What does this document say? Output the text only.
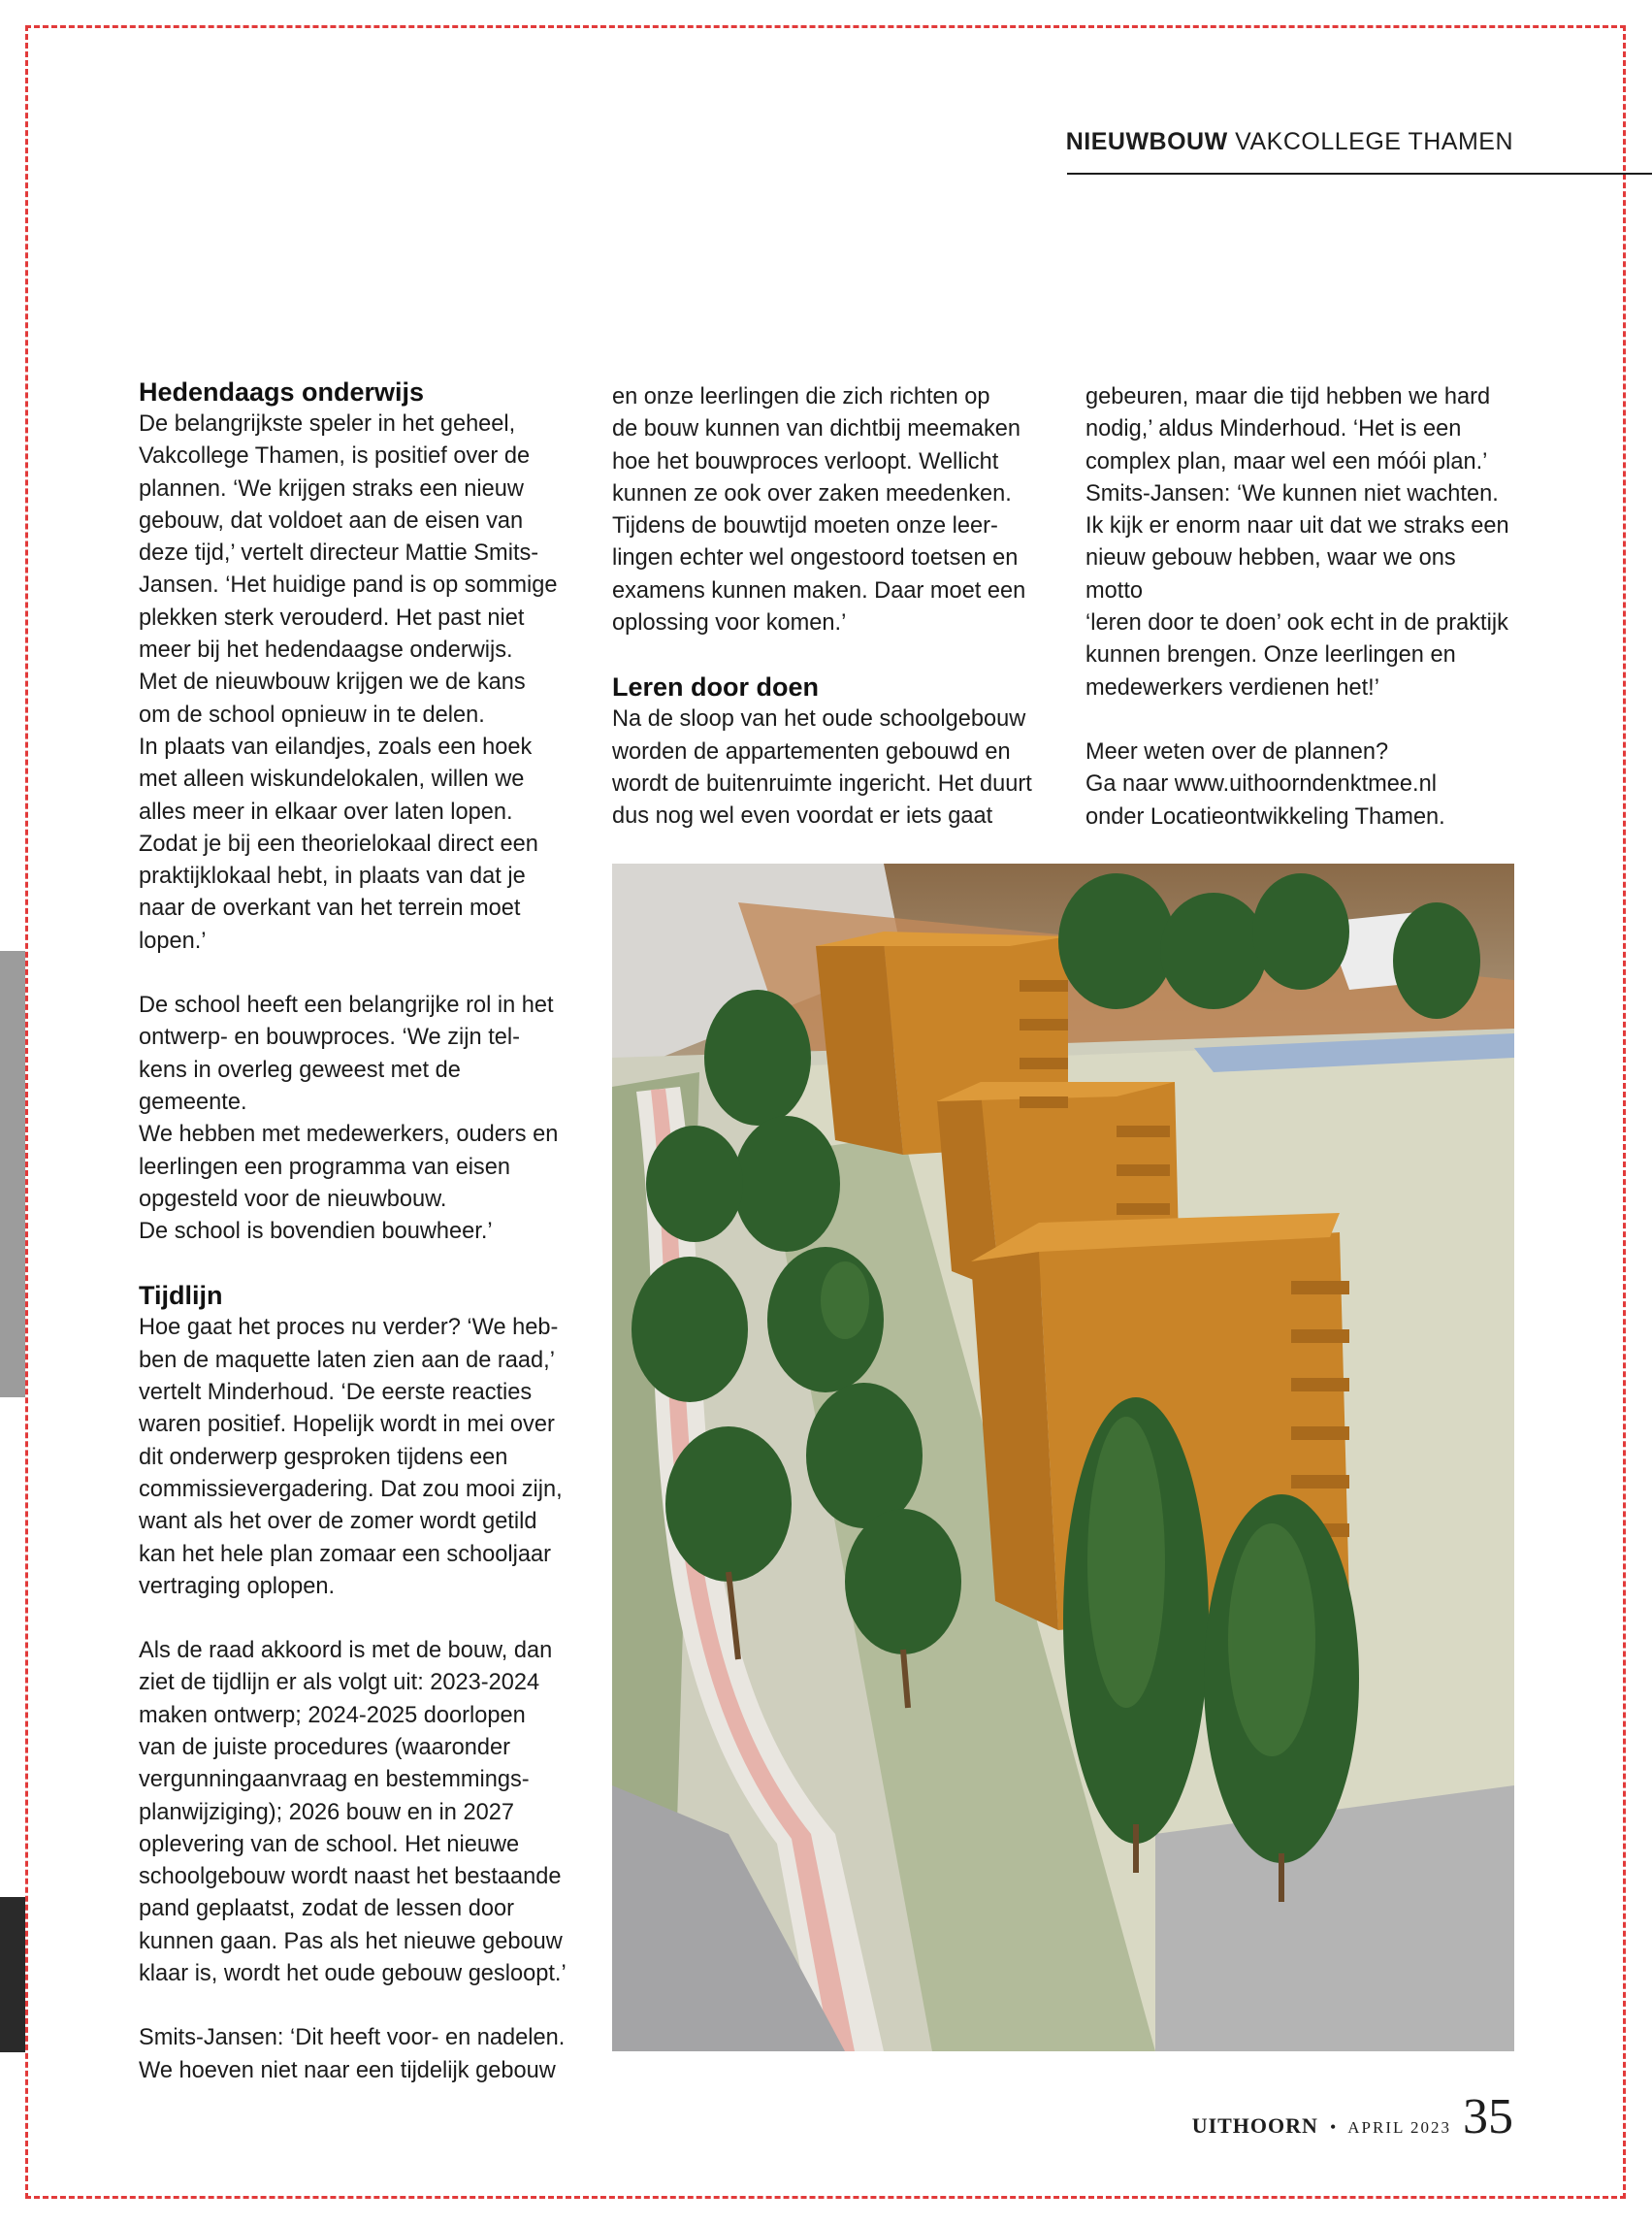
NIEUWBOUW VAKCOLLEGE THAMEN
Hedendaags onderwijs

De belangrijkste speler in het geheel,

Vakcollege Thamen, is positief over de

plannen. ‘We krijgen straks een nieuw

gebouw, dat voldoet aan de eisen van

deze tijd,’ vertelt directeur Mattie Smits-

Jansen. ‘Het huidige pand is op sommige

plekken sterk verouderd. Het past niet

meer bij het hedendaagse onderwijs.

Met de nieuwbouw krijgen we de kans

om de school opnieuw in te delen.

In plaats van eilandjes, zoals een hoek

met alleen wiskundelokalen, willen we

alles meer in elkaar over laten lopen.

Zodat je bij een theorielokaal direct een

praktijklokaal hebt, in plaats van dat je

naar de overkant van het terrein moet

lopen.’

De school heeft een belangrijke rol in het

ontwerp- en bouwproces. ‘We zijn tel-

kens in overleg geweest met de gemeente.

We hebben met medewerkers, ouders en

leerlingen een programma van eisen

opgesteld voor de nieuwbouw.

De school is bovendien bouwheer.’

Tijdlijn

Hoe gaat het proces nu verder? ‘We heb-

ben de maquette laten zien aan de raad,’

vertelt Minderhoud. ‘De eerste reacties

waren positief. Hopelijk wordt in mei over

dit onderwerp gesproken tijdens een

commissievergadering. Dat zou mooi zijn,

want als het over de zomer wordt getild

kan het hele plan zomaar een schooljaar

vertraging oplopen.

Als de raad akkoord is met de bouw, dan

ziet de tijdlijn er als volgt uit: 2023-2024

maken ontwerp; 2024-2025 doorlopen

van de juiste procedures (waaronder

vergunningaanvraag en bestemmings-

planwijziging); 2026 bouw en in 2027

oplevering van de school. Het nieuwe

schoolgebouw wordt naast het bestaande

pand geplaatst, zodat de lessen door

kunnen gaan. Pas als het nieuwe gebouw

klaar is, wordt het oude gebouw gesloopt.’

Smits-Jansen: ‘Dit heeft voor- en nadelen.

We hoeven niet naar een tijdelijk gebouw

en onze leerlingen die zich richten op

de bouw kunnen van dichtbij meemaken

hoe het bouwproces verloopt. Wellicht

kunnen ze ook over zaken meedenken.

Tijdens de bouwtijd moeten onze leer-

lingen echter wel ongestoord toetsen en

examens kunnen maken. Daar moet een

oplossing voor komen.’

Leren door doen

Na de sloop van het oude schoolgebouw

worden de appartementen gebouwd en

wordt de buitenruimte ingericht. Het duurt

dus nog wel even voordat er iets gaat

gebeuren, maar die tijd hebben we hard

nodig,’ aldus Minderhoud. ‘Het is een

complex plan, maar wel een móói plan.’

Smits-Jansen: ‘We kunnen niet wachten.

Ik kijk er enorm naar uit dat we straks een

nieuw gebouw hebben, waar we ons motto

‘leren door te doen’ ook echt in de praktijk

kunnen brengen. Onze leerlingen en

medewerkers verdienen het!’

Meer weten over de plannen?

Ga naar www.uithoorndenktmee.nl

onder Locatieontwikkeling Thamen.

UITHOORN • APRIL 2023 35
